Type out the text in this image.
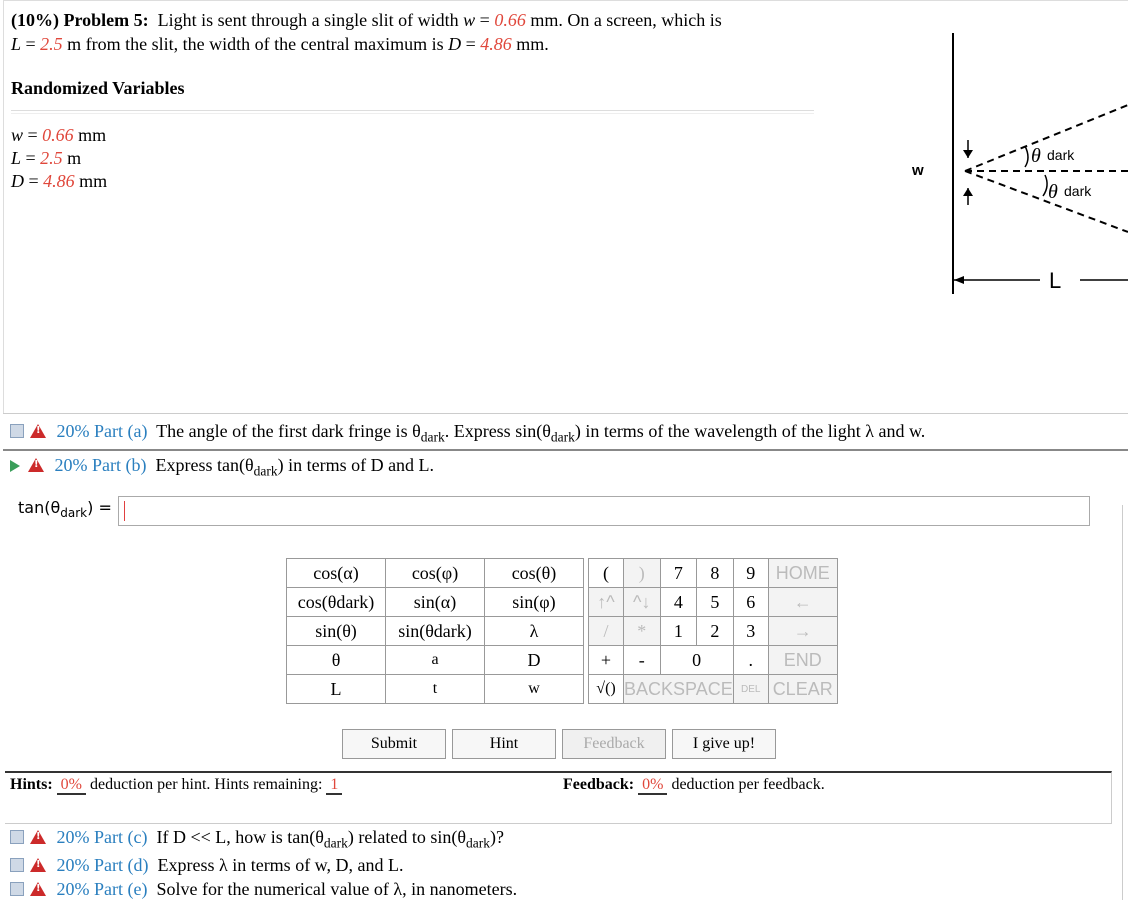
(10%) Problem 5: Light is sent through a single slit of width w = 0.66 mm. On a screen, which is
L = 2.5 m from the slit, the width of the central maximum is D = 4.86 mm.
Randomized Variables
w = 0.66 mm
L = 2.5 m
D = 4.86 mm
w
θ dark
θ dark
L
! 20% Part (a) The angle of the first dark fringe is $\theta_{dark}$. Express $\sin(\theta_{dark})$ in terms of the wavelength of the light λ and w.
! 20% Part (b) Express $\tan(\theta_{dark})$ in terms of D and L.
$\tan(\theta_{dark})$ =
cos(α)	cos(φ)	cos(θ)
cos(θdark)	sin(α)	sin(φ)
sin(θ)	sin(θdark)	λ
θ	a	D
L	t	w
(	)	7	8	9	HOME
↑^	^↓	4	5	6	←
/	*	1	2	3	→
+	-	0		.	END
√()	BACKSPACE			DEL	CLEAR
Submit	Hint	Feedback	I give up!
Hints: 0% deduction per hint. Hints remaining: 1	Feedback: 0% deduction per feedback.
! 20% Part (c) If D << L, how is $\tan(\theta_{dark})$ related to $\sin(\theta_{dark})$?
! 20% Part (d) Express λ in terms of w, D, and L.
! 20% Part (e) Solve for the numerical value of λ, in nanometers.
